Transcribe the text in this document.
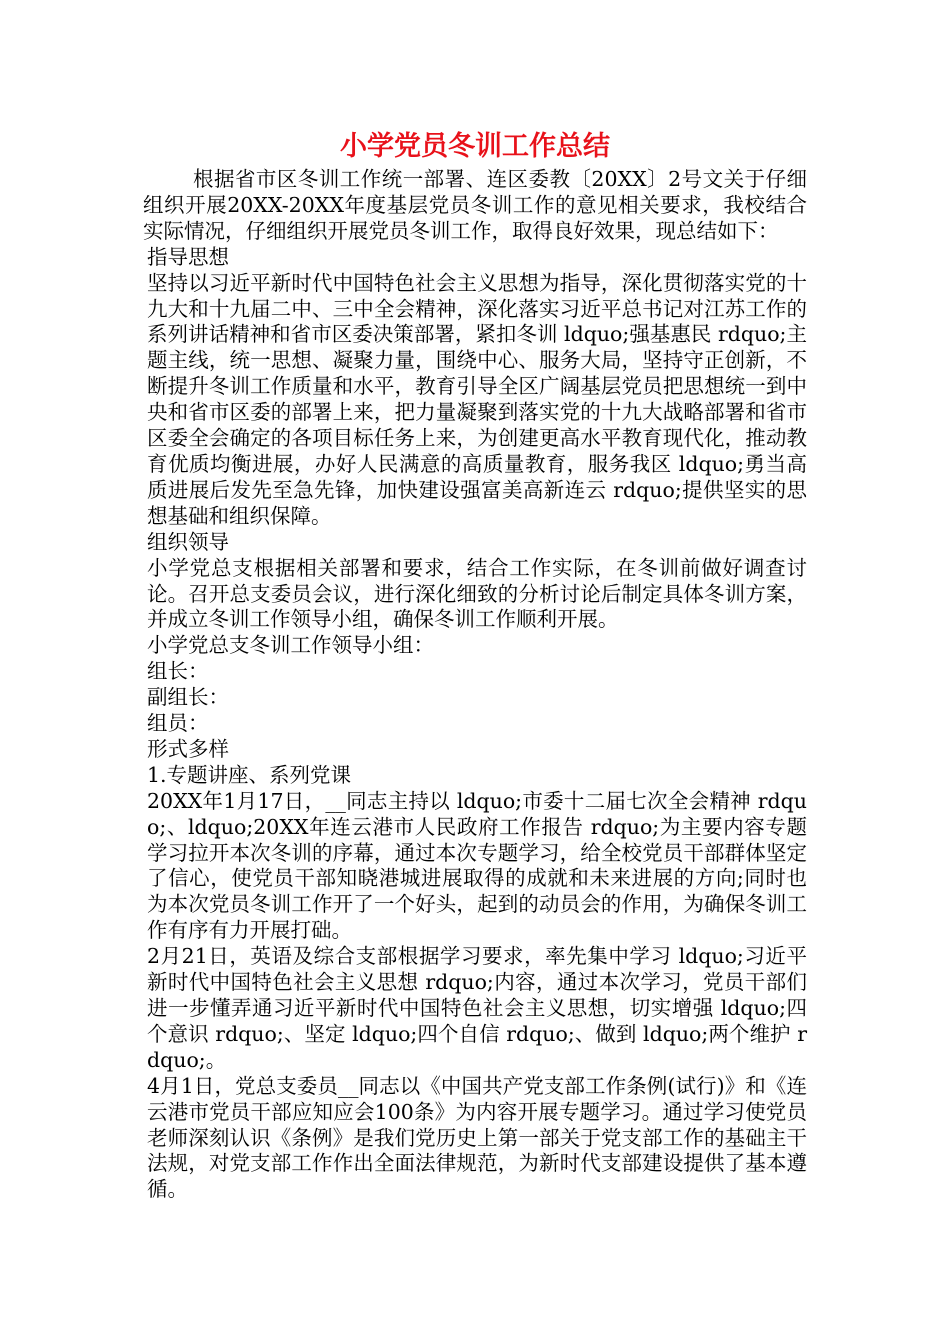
小学党员冬训工作总结

根据省市区冬训工作统一部署、连区委教〔20XX〕2号文关于仔细组织开展20XX-20XX年度基层党员冬训工作的意见相关要求，我校结合实际情况，仔细组织开展党员冬训工作，取得良好效果，现总结如下：

指导思想

坚持以习近平新时代中国特色社会主义思想为指导，深化贯彻落实党的十九大和十九届二中、三中全会精神，深化落实习近平总书记对江苏工作的系列讲话精神和省市区委决策部署，紧扣冬训 ldquo;强基惠民 rdquo;主题主线，统一思想、凝聚力量，围绕中心、服务大局，坚持守正创新，不断提升冬训工作质量和水平，教育引导全区广阔基层党员把思想统一到中央和省市区委的部署上来，把力量凝聚到落实党的十九大战略部署和省市区委全会确定的各项目标任务上来，为创建更高水平教育现代化，推动教育优质均衡进展，办好人民满意的高质量教育，服务我区 ldquo;勇当高质进展后发先至急先锋，加快建设强富美高新连云 rdquo;提供坚实的思想基础和组织保障。

组织领导

小学党总支根据相关部署和要求，结合工作实际，在冬训前做好调查讨论。召开总支委员会议，进行深化细致的分析讨论后制定具体冬训方案，并成立冬训工作领导小组，确保冬训工作顺利开展。

小学党总支冬训工作领导小组：

组长：

副组长：

组员：

形式多样

1.专题讲座、系列党课

20XX年1月17日，__同志主持以 ldquo;市委十二届七次全会精神 rdquo;、ldquo;20XX年连云港市人民政府工作报告 rdquo;为主要内容专题学习拉开本次冬训的序幕，通过本次专题学习，给全校党员干部群体坚定了信心，使党员干部知晓港城进展取得的成就和未来进展的方向;同时也为本次党员冬训工作开了一个好头，起到的动员会的作用，为确保冬训工作有序有力开展打础。

2月21日，英语及综合支部根据学习要求，率先集中学习 ldquo;习近平新时代中国特色社会主义思想 rdquo;内容，通过本次学习，党员干部们进一步懂弄通习近平新时代中国特色社会主义思想，切实增强 ldquo;四个意识 rdquo;、坚定 ldquo;四个自信 rdquo;、做到 ldquo;两个维护 rdquo;。

4月1日，党总支委员__同志以《中国共产党支部工作条例(试行)》和《连云港市党员干部应知应会100条》为内容开展专题学习。通过学习使党员老师深刻认识《条例》是我们党历史上第一部关于党支部工作的基础主干法规，对党支部工作作出全面法律规范，为新时代支部建设提供了基本遵循。
